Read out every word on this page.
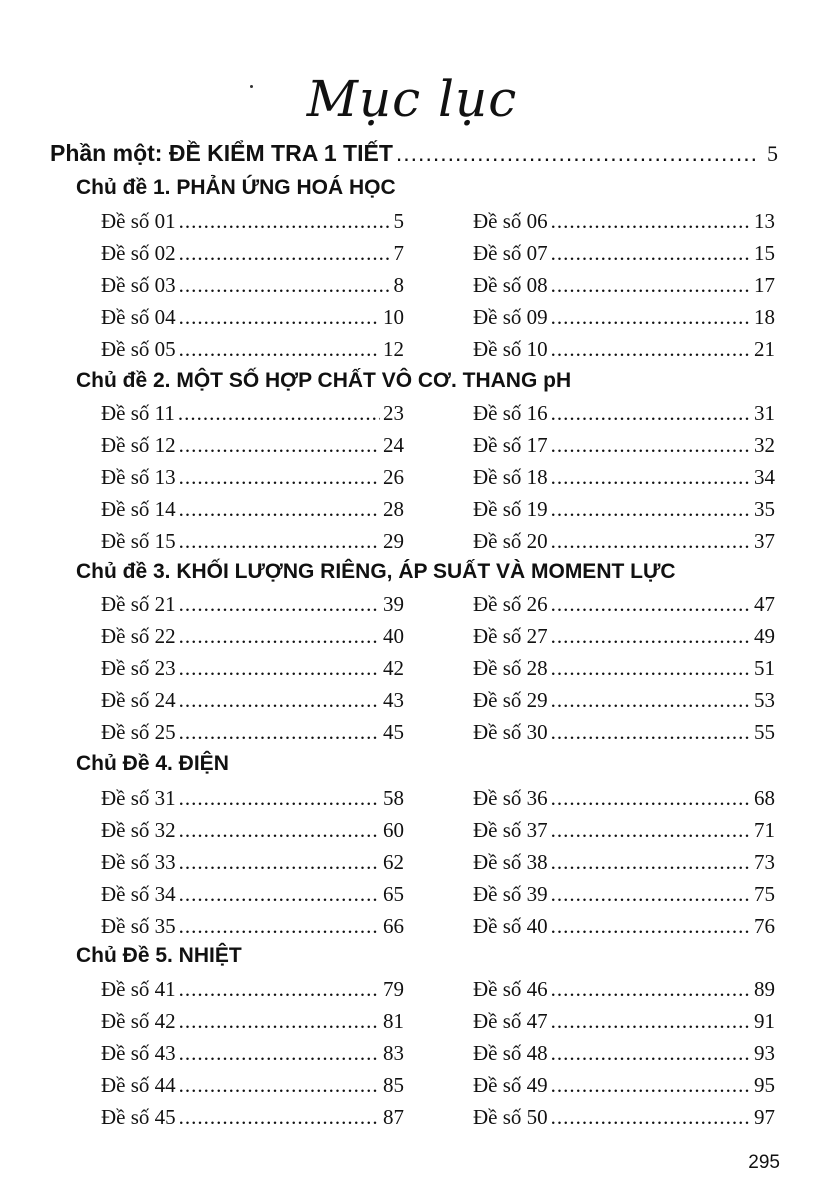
Mục lục
Phần một: ĐỀ KIỂM TRA 1 TIẾT .....	5
Chủ đề 1. PHẢN ỨNG HOÁ HỌC
Đề số 01 .....	5
Đề số 02 .....	7
Đề số 03 .....	8
Đề số 04 .....	10
Đề số 05 .....	12
Đề số 06 .....	13
Đề số 07 .....	15
Đề số 08 .....	17
Đề số 09 .....	18
Đề số 10 .....	21
Chủ đề 2. MỘT SỐ HỢP CHẤT VÔ CƠ. THANG pH
Đề số 11 .....	23
Đề số 12 .....	24
Đề số 13 .....	26
Đề số 14 .....	28
Đề số 15 .....	29
Đề số 16 .....	31
Đề số 17 .....	32
Đề số 18 .....	34
Đề số 19 .....	35
Đề số 20 .....	37
Chủ đề 3. KHỐI LƯỢNG RIÊNG, ÁP SUẤT VÀ MOMENT LỰC
Đề số 21 .....	39
Đề số 22 .....	40
Đề số 23 .....	42
Đề số 24 .....	43
Đề số 25 .....	45
Đề số 26 .....	47
Đề số 27 .....	49
Đề số 28 .....	51
Đề số 29 .....	53
Đề số 30 .....	55
Chủ Đề 4. ĐIỆN
Đề số 31 .....	58
Đề số 32 .....	60
Đề số 33 .....	62
Đề số 34 .....	65
Đề số 35 .....	66
Đề số 36 .....	68
Đề số 37 .....	71
Đề số 38 .....	73
Đề số 39 .....	75
Đề số 40 .....	76
Chủ Đề 5. NHIỆT
Đề số 41 .....	79
Đề số 42 .....	81
Đề số 43 .....	83
Đề số 44 .....	85
Đề số 45 .....	87
Đề số 46 .....	89
Đề số 47 .....	91
Đề số 48 .....	93
Đề số 49 .....	95
Đề số 50 .....	97
295
